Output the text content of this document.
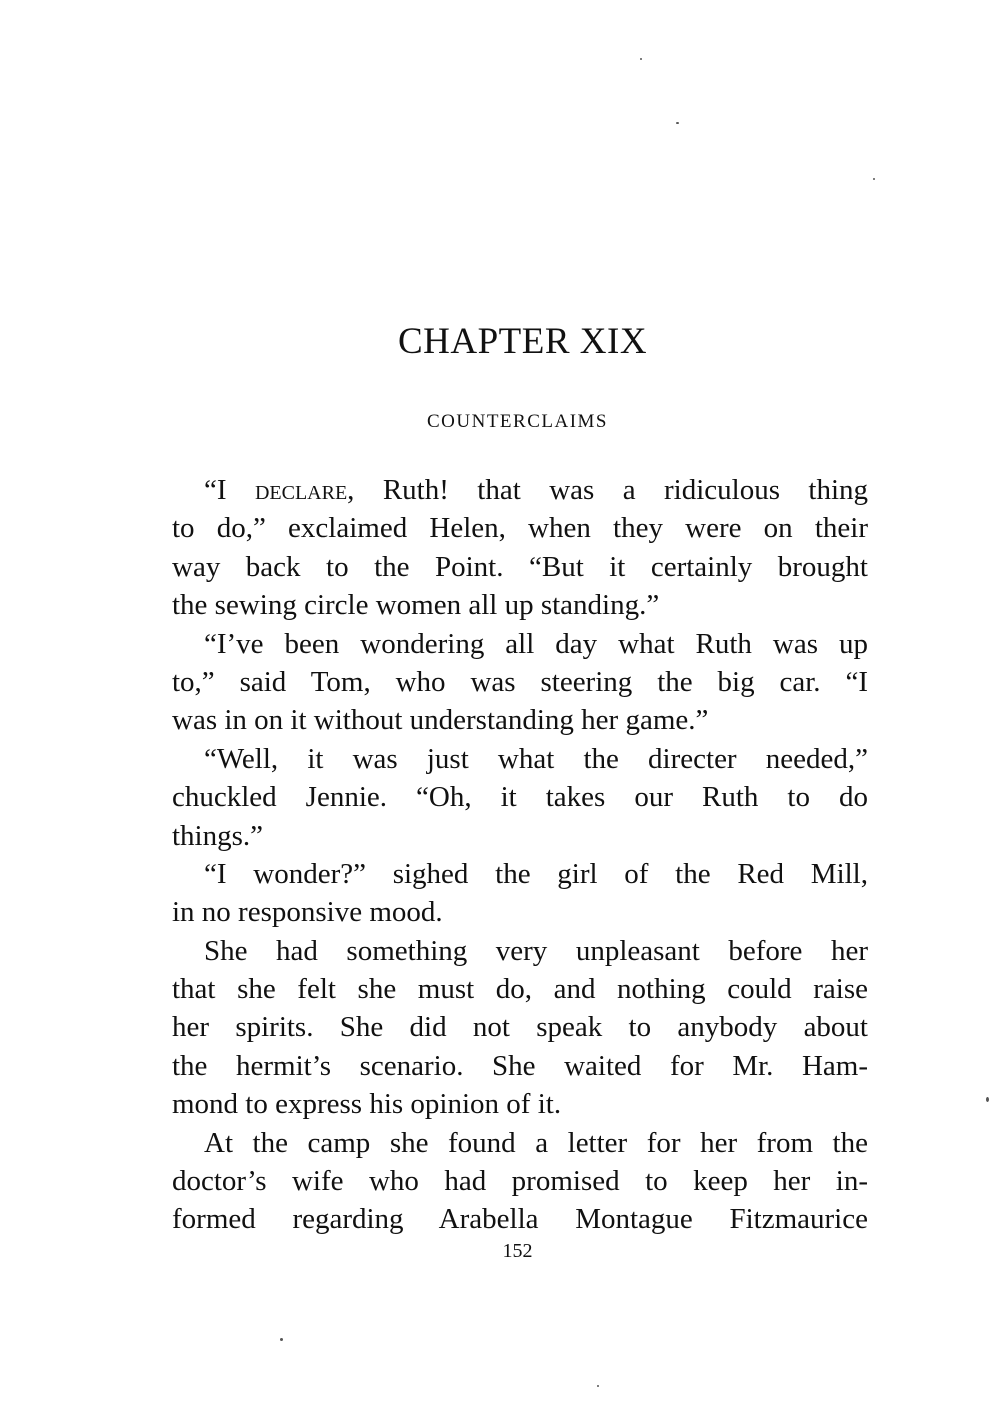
CHAPTER XIX
COUNTERCLAIMS
“I declare, Ruth! that was a ridiculous thing
to do,” exclaimed Helen, when they were on their
way back to the Point. “But it certainly brought
the sewing circle women all up standing.”
“I’ve been wondering all day what Ruth was up
to,” said Tom, who was steering the big car. “I
was in on it without understanding her game.”
“Well, it was just what the directer needed,”
chuckled Jennie. “Oh, it takes our Ruth to do
things.”
“I wonder?” sighed the girl of the Red Mill,
in no responsive mood.
She had something very unpleasant before her
that she felt she must do, and nothing could raise
her spirits. She did not speak to anybody about
the hermit’s scenario. She waited for Mr. Ham-
mond to express his opinion of it.
At the camp she found a letter for her from the
doctor’s wife who had promised to keep her in-
formed regarding Arabella Montague Fitzmaurice
152
